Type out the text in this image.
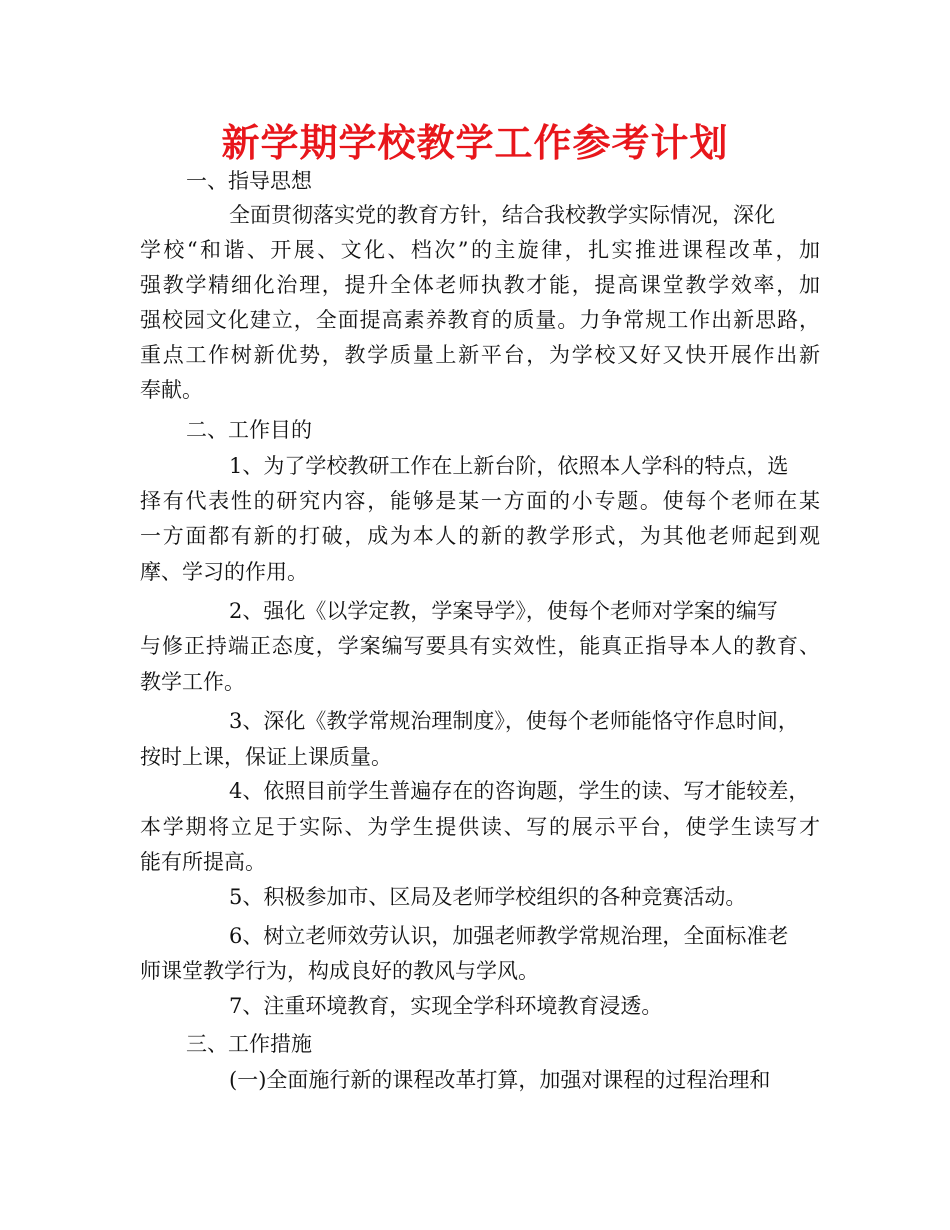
新学期学校教学工作参考计划
一、指导思想
全面贯彻落实党的教育方针，结合我校教学实际情况，深化
学校“和谐、开展、文化、档次”的主旋律，扎实推进课程改革，加
强教学精细化治理，提升全体老师执教才能，提高课堂教学效率，加
强校园文化建立，全面提高素养教育的质量。力争常规工作出新思路，
重点工作树新优势，教学质量上新平台，为学校又好又快开展作出新
奉献。
二、工作目的
1、为了学校教研工作在上新台阶，依照本人学科的特点，选
择有代表性的研究内容，能够是某一方面的小专题。使每个老师在某
一方面都有新的打破，成为本人的新的教学形式，为其他老师起到观
摩、学习的作用。
2、强化《以学定教，学案导学》，使每个老师对学案的编写
与修正持端正态度，学案编写要具有实效性，能真正指导本人的教育、
教学工作。
3、深化《教学常规治理制度》，使每个老师能恪守作息时间，
按时上课，保证上课质量。
4、依照目前学生普遍存在的咨询题，学生的读、写才能较差，
本学期将立足于实际、为学生提供读、写的展示平台，使学生读写才
能有所提高。
5、积极参加市、区局及老师学校组织的各种竞赛活动。
6、树立老师效劳认识，加强老师教学常规治理，全面标准老
师课堂教学行为，构成良好的教风与学风。
7、注重环境教育，实现全学科环境教育浸透。
三、工作措施
(一)全面施行新的课程改革打算，加强对课程的过程治理和
